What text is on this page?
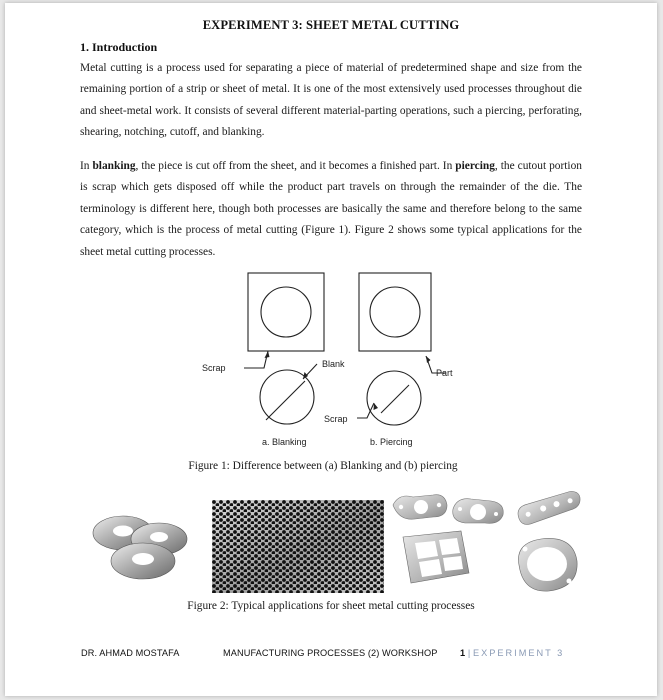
EXPERIMENT 3: SHEET METAL CUTTING
1. Introduction
Metal cutting is a process used for separating a piece of material of predetermined shape and size from the remaining portion of a strip or sheet of metal. It is one of the most extensively used processes throughout die and sheet-metal work. It consists of several different material-parting operations, such a piercing, perforating, shearing, notching, cutoff, and blanking.
In blanking, the piece is cut off from the sheet, and it becomes a finished part. In piercing, the cutout portion is scrap which gets disposed off while the product part travels on through the remainder of the die. The terminology is different here, though both processes are basically the same and therefore belong to the same category, which is the process of metal cutting (Figure 1). Figure 2 shows some typical applications for the sheet metal cutting processes.
Scrap	Blank
Part
Scrap
a. Blanking	b. Piercing
Figure 1: Difference between (a) Blanking and (b) piercing
Figure 2: Typical applications for sheet metal cutting processes
DR. AHMAD MOSTAFA	MANUFACTURING PROCESSES (2) WORKSHOP 1 | EXPERIMENT 3
